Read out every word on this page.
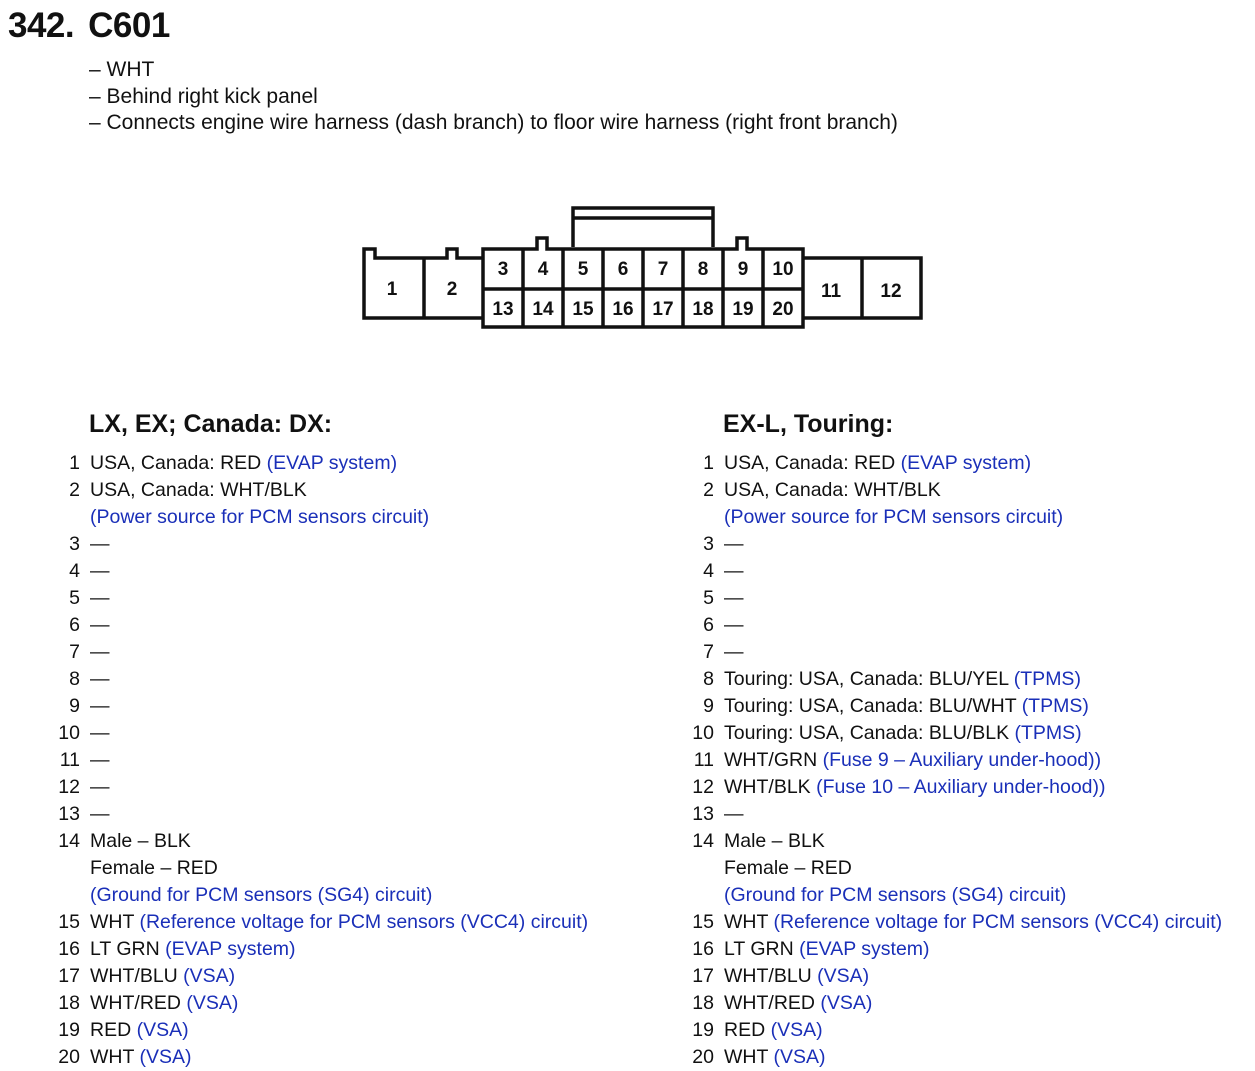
342. C601
– WHT
– Behind right kick panel
– Connects engine wire harness (dash branch) to floor wire harness (right front branch)
1	2
3 4 5 6 7 8 9 10
11 12
13 14 15 16 17 18 19 20
LX, EX; Canada: DX:
1 USA, Canada: RED (EVAP system)
2 USA, Canada: WHT/BLK
(Power source for PCM sensors circuit)
3 —
4 —
5 —
6 —
7 —
8 —
9 —
10 —
11 —
12 —
13 —
14 Male – BLK
Female – RED
(Ground for PCM sensors (SG4) circuit)
15 WHT (Reference voltage for PCM sensors (VCC4) circuit)
16 LT GRN (EVAP system)
17 WHT/BLU (VSA)
18 WHT/RED (VSA)
19 RED (VSA)
20 WHT (VSA)
EX-L, Touring:
1 USA, Canada: RED (EVAP system)
2 USA, Canada: WHT/BLK
(Power source for PCM sensors circuit)
3 —
4 —
5 —
6 —
7 —
8 Touring: USA, Canada: BLU/YEL (TPMS)
9 Touring: USA, Canada: BLU/WHT (TPMS)
10 Touring: USA, Canada: BLU/BLK (TPMS)
11 WHT/GRN (Fuse 9 – Auxiliary under-hood))
12 WHT/BLK (Fuse 10 – Auxiliary under-hood))
13 —
14 Male – BLK
Female – RED
(Ground for PCM sensors (SG4) circuit)
15 WHT (Reference voltage for PCM sensors (VCC4) circuit)
16 LT GRN (EVAP system)
17 WHT/BLU (VSA)
18 WHT/RED (VSA)
19 RED (VSA)
20 WHT (VSA)
